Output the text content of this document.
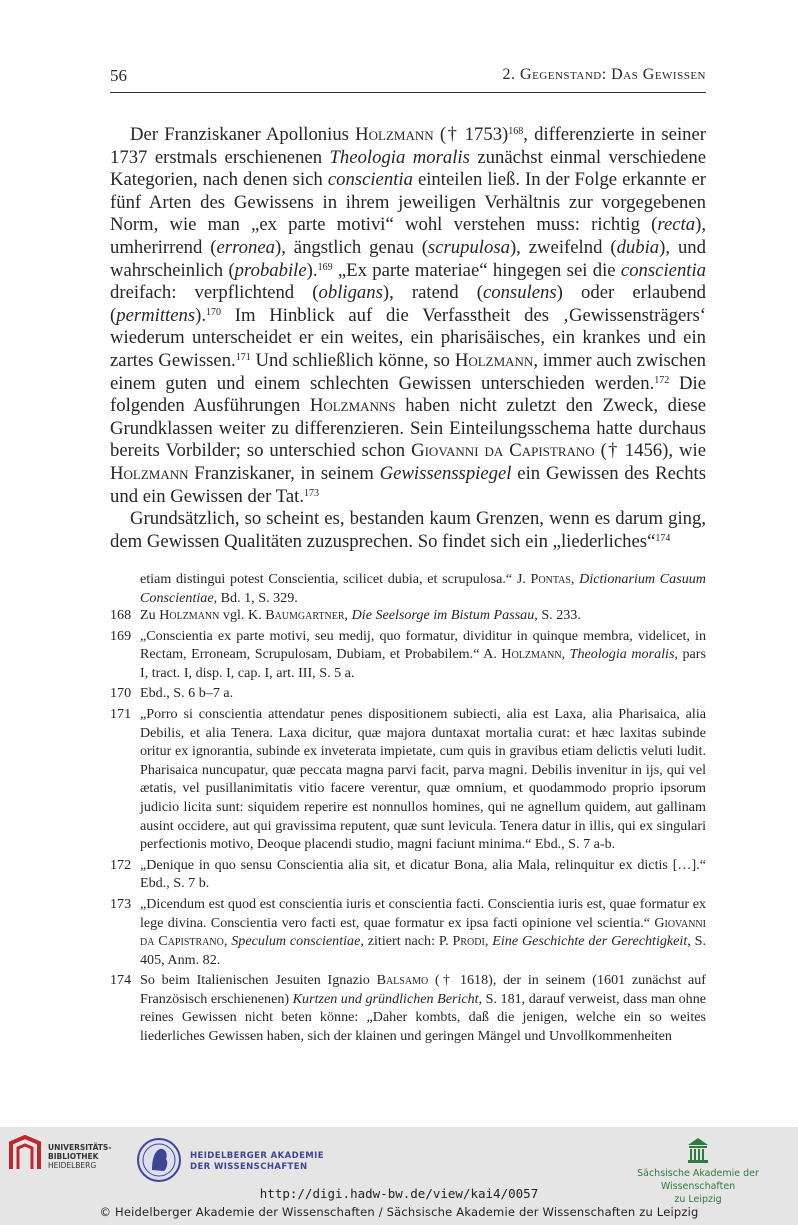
56	2. Gegenstand: Das Gewissen

Der Franziskaner Apollonius Holzmann († 1753)$^{168}$, differenzierte in seiner 1737 erstmals erschienenen Theologia moralis zunächst einmal verschiedene Kategorien, nach denen sich conscientia einteilen ließ. In der Folge erkannte er fünf Arten des Gewissens in ihrem jeweiligen Verhältnis zur vorgegebenen Norm, wie man „ex parte motivi“ wohl verstehen muss: richtig (recta), umherirrend (erronea), ängstlich genau (scrupulosa), zweifelnd (dubia), und wahrscheinlich (probabile).$^{169}$ „Ex parte materiae“ hingegen sei die conscientia dreifach: verpflichtend (obligans), ratend (consulens) oder erlaubend (permittens).$^{170}$ Im Hinblick auf die Verfasstheit des ‚Gewissensträgers‘ wiederum unterscheidet er ein weites, ein pharisäisches, ein krankes und ein zartes Gewissen.$^{171}$ Und schließlich könne, so Holzmann, immer auch zwischen einem guten und einem schlechten Gewissen unterschieden werden.$^{172}$ Die folgenden Ausführungen Holzmanns haben nicht zuletzt den Zweck, diese Grundklassen weiter zu differenzieren. Sein Einteilungsschema hatte durchaus bereits Vorbilder; so unterschied schon Giovanni da Capistrano († 1456), wie Holzmann Franziskaner, in seinem Gewissensspiegel ein Gewissen des Rechts und ein Gewissen der Tat.$^{173}$

Grundsätzlich, so scheint es, bestanden kaum Grenzen, wenn es darum ging, dem Gewissen Qualitäten zuzusprechen. So findet sich ein „liederliches“$^{174}$

etiam distingui potest Conscientia, scilicet dubia, et scrupulosa.“ J. Pontas, Dictionarium Casuum Conscientiae, Bd. 1, S. 329.
168 Zu Holzmann vgl. K. Baumgartner, Die Seelsorge im Bistum Passau, S. 233.
169 „Conscientia ex parte motivi, seu medij, quo formatur, dividitur in quinque membra, videlicet, in Rectam, Erroneam, Scrupulosam, Dubiam, et Probabilem.“ A. Holzmann, Theologia moralis, pars I, tract. I, disp. I, cap. I, art. III, S. 5 a.
170 Ebd., S. 6 b–7 a.
171 „Porro si conscientia attendatur penes dispositionem subiecti, alia est Laxa, alia Pharisaica, alia Debilis, et alia Tenera. Laxa dicitur, quæ majora duntaxat mortalia curat: et hæc laxitas subinde oritur ex ignorantia, subinde ex inveterata impietate, cum quis in gravibus etiam delictis veluti ludit. Pharisaica nuncupatur, quæ peccata magna parvi facit, parva magni. Debilis invenitur in ijs, qui vel ætatis, vel pusillanimitatis vitio facere verentur, quæ omnium, et quodammodo proprio ipsorum judicio licita sunt: siquidem reperire est nonnullos homines, qui ne agnellum quidem, aut gallinam ausint occidere, aut qui gravissima reputent, quæ sunt levicula. Tenera datur in illis, qui ex singulari perfectionis motivo, Deoque placendi studio, magni faciunt minima.“ Ebd., S. 7 a-b.
172 „Denique in quo sensu Conscientia alia sit, et dicatur Bona, alia Mala, relinquitur ex dictis […].“ Ebd., S. 7 b.
173 „Dicendum est quod est conscientia iuris et conscientia facti. Conscientia iuris est, quae formatur ex lege divina. Conscientia vero facti est, quae formatur ex ipsa facti opinione vel scientia.“ Giovanni da Capistrano, Speculum conscientiae, zitiert nach: P. Prodi, Eine Geschichte der Gerechtigkeit, S. 405, Anm. 82.
174 So beim Italienischen Jesuiten Ignazio Balsamo († 1618), der in seinem (1601 zunächst auf Französisch erschienenen) Kurtzen und gründlichen Bericht, S. 181, darauf verweist, dass man ohne reines Gewissen nicht beten könne: „Daher kombts, daß die jenigen, welche ein so weites liederliches Gewissen haben, sich der klainen und geringen Mängel und Unvollkommenheiten
UNIVERSITÄTS-
BIBLIOTHEK
HEIDELBERG
HEIDELBERGER AKADEMIE
DER WISSENSCHAFTEN
Sächsische Akademie der Wissenschaften
zu Leipzig
http://digi.hadw-bw.de/view/kai4/0057
© Heidelberger Akademie der Wissenschaften / Sächsische Akademie der Wissenschaften zu Leipzig
